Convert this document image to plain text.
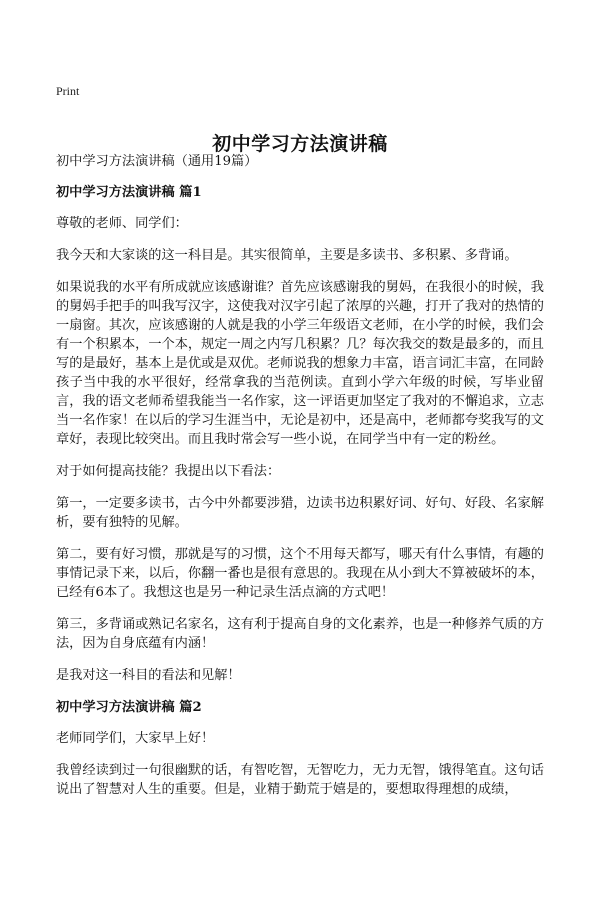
Print
初中学习方法演讲稿

初中学习方法演讲稿（通用19篇）

初中学习方法演讲稿 篇1

尊敬的老师、同学们：

我今天和大家谈的这一科目是。其实很简单，主要是多读书、多积累、多背诵。

如果说我的水平有所成就应该感谢谁？首先应该感谢我的舅妈，在我很小的时候，我的舅妈手把手的叫我写汉字，这使我对汉字引起了浓厚的兴趣，打开了我对的热情的一扇窗。其次，应该感谢的人就是我的小学三年级语文老师，在小学的时候，我们会有一个积累本，一个本，规定一周之内写几积累？几？每次我交的数是最多的，而且写的是最好，基本上是优或是双优。老师说我的想象力丰富，语言词汇丰富，在同龄孩子当中我的水平很好，经常拿我的当范例读。直到小学六年级的时候，写毕业留言，我的语文老师希望我能当一名作家，这一评语更加坚定了我对的不懈追求，立志当一名作家！在以后的学习生涯当中，无论是初中，还是高中，老师都夸奖我写的文章好，表现比较突出。而且我时常会写一些小说，在同学当中有一定的粉丝。

对于如何提高技能？我提出以下看法：

第一，一定要多读书，古今中外都要涉猎，边读书边积累好词、好句、好段、名家解析，要有独特的见解。

第二，要有好习惯，那就是写的习惯，这个不用每天都写，哪天有什么事情，有趣的事情记录下来，以后，你翻一番也是很有意思的。我现在从小到大不算被破坏的本，已经有6本了。我想这也是另一种记录生活点滴的方式吧！

第三，多背诵或熟记名家名，这有利于提高自身的文化素养，也是一种修养气质的方法，因为自身底蕴有内涵！

是我对这一科目的看法和见解！

初中学习方法演讲稿 篇2

老师同学们，大家早上好！

我曾经读到过一句很幽默的话，有智吃智，无智吃力，无力无智，饿得笔直。这句话说出了智慧对人生的重要。但是，业精于勤荒于嬉是的，要想取得理想的成绩，
